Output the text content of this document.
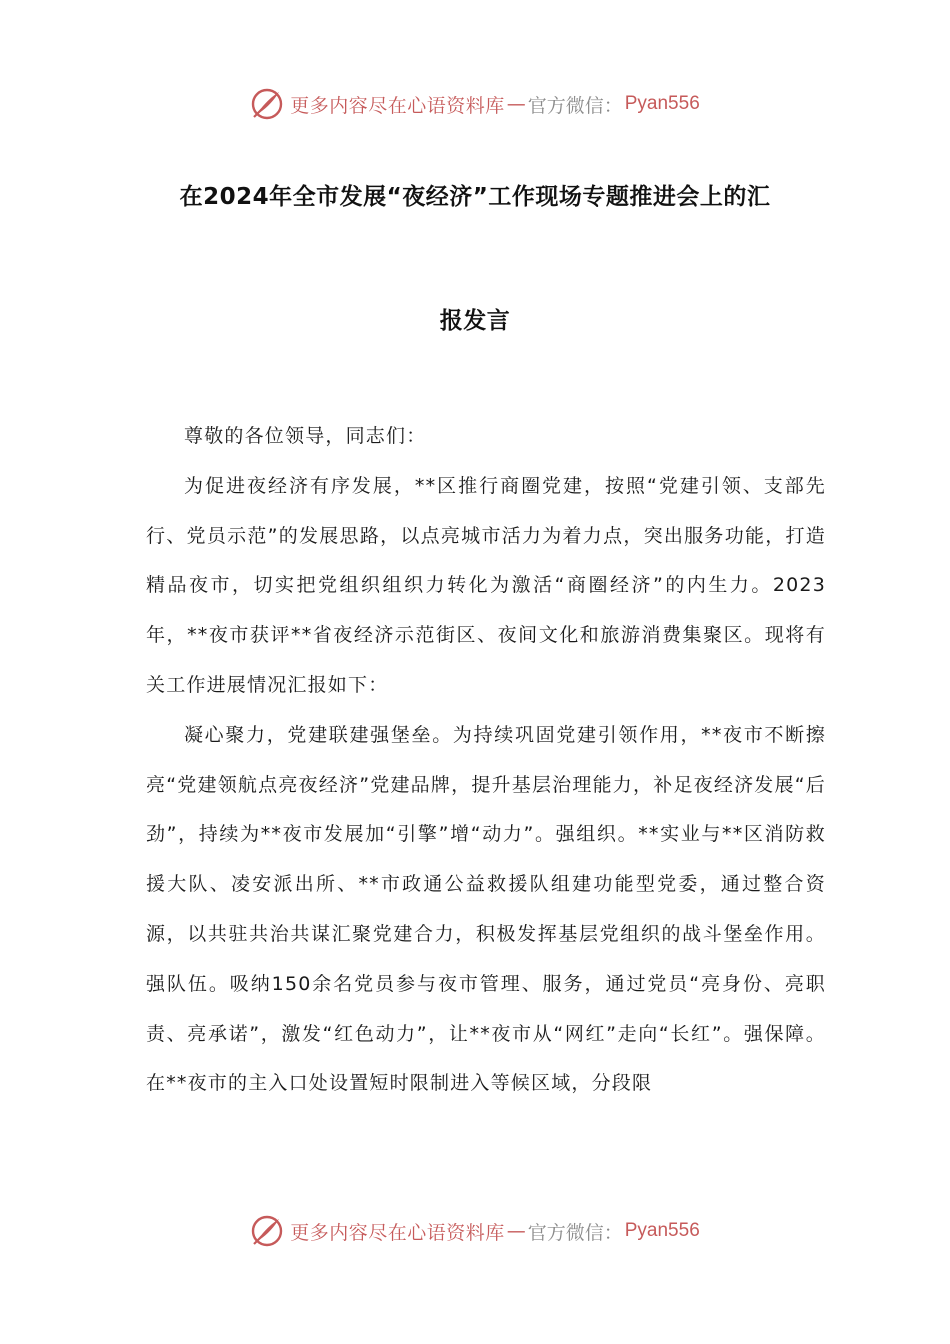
更多内容尽在心语资料库 — 官方微信： Pyan556
在2024年全市发展“夜经济”工作现场专题推进会上的汇
报发言

尊敬的各位领导，同志们：

为促进夜经济有序发展，**区推行商圈党建，按照“党建引领、支部先行、党员示范”的发展思路，以点亮城市活力为着力点，突出服务功能，打造精品夜市，切实把党组织组织力转化为激活“商圈经济”的内生力。2023年，**夜市获评**省夜经济示范街区、夜间文化和旅游消费集聚区。现将有关工作进展情况汇报如下：

凝心聚力，党建联建强堡垒。为持续巩固党建引领作用，**夜市不断擦亮“党建领航点亮夜经济”党建品牌，提升基层治理能力，补足夜经济发展“后劲”，持续为**夜市发展加“引擎”增“动力”。强组织。**实业与**区消防救援大队、凌安派出所、**市政通公益救援队组建功能型党委，通过整合资源，以共驻共治共谋汇聚党建合力，积极发挥基层党组织的战斗堡垒作用。强队伍。吸纳150余名党员参与夜市管理、服务，通过党员“亮身份、亮职责、亮承诺”，激发“红色动力”，让**夜市从“网红”走向“长红”。强保障。在**夜市的主入口处设置短时限制进入等候区域，分段限

更多内容尽在心语资料库 — 官方微信： Pyan556
